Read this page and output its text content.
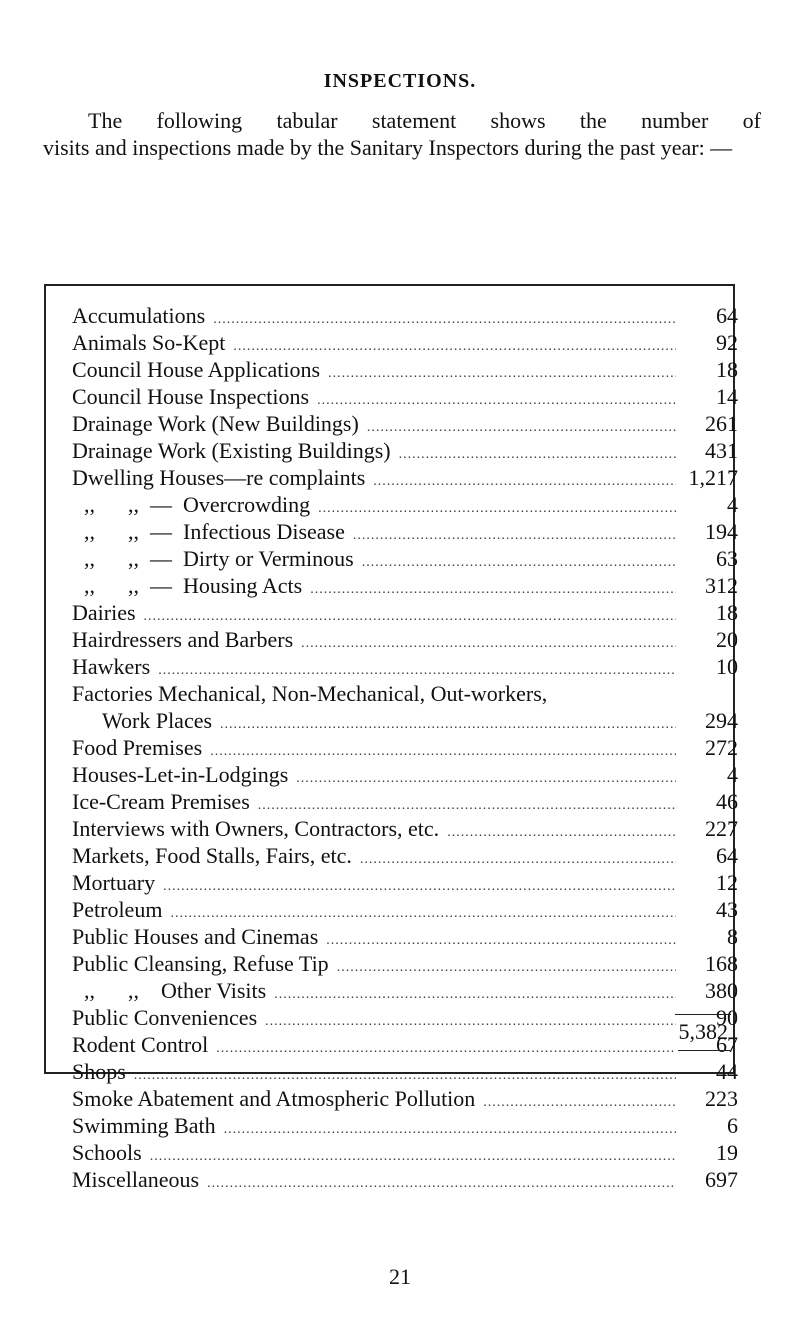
INSPECTIONS.
The following tabular statement shows the number of
visits and inspections made by the Sanitary Inspectors during the past year: —
Accumulations .....	64
Animals So-Kept .....	92
Council House Applications .....	18
Council House Inspections .....	14
Drainage Work (New Buildings) .....	261
Drainage Work (Existing Buildings) .....	431
Dwelling Houses—re complaints .....	1,217
,,      ,,  —  Overcrowding .....	4
,,      ,,  —  Infectious Disease .....	194
,,      ,,  —  Dirty or Verminous .....	63
,,      ,,  —  Housing Acts .....	312
Dairies .....	18
Hairdressers and Barbers .....	20
Hawkers .....	10
Factories Mechanical, Non-Mechanical, Out-workers,
Work Places .....	294
Food Premises .....	272
Houses-Let-in-Lodgings .....	4
Ice-Cream Premises .....	46
Interviews with Owners, Contractors, etc. .....	227
Markets, Food Stalls, Fairs, etc. .....	64
Mortuary .....	12
Petroleum .....	43
Public Houses and Cinemas .....	8
Public Cleansing, Refuse Tip .....	168
,,      ,,    Other Visits .....	380
Public Conveniences .....	90
Rodent Control .....	67
Shops .....	44
Smoke Abatement and Atmospheric Pollution .....	223
Swimming Bath .....	6
Schools .....	19
Miscellaneous .....	697
5,382
21
